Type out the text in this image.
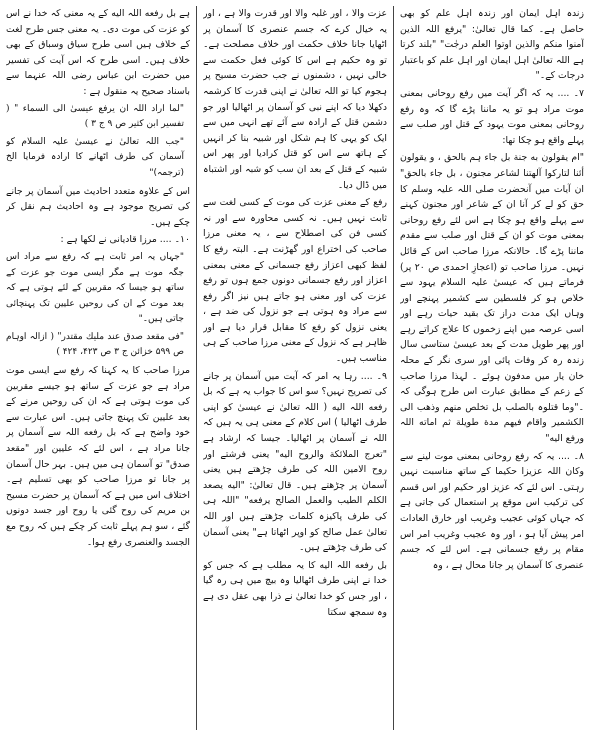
زندہ اہل ایمان اور زندہ اہل علم کو بھی حاصل ہے۔ کما قال تعالیٰ: "یرفع اللہ الذین آمنوا منکم والذین اوتوا العلم درجٰت" "بلند کرتا ہے اللہ تعالیٰ اہل ایمان اور اہل علم کو باعتبار درجات کے۔"

۷۔ .... یہ کہ اگر آیت میں رفع روحانی بمعنی موت مراد ہو تو یہ ماننا پڑے گا کہ وہ رفع روحانی بمعنی موت یہود کے قتل اور صلب سے پہلے واقع ہو چکا تھا:

"ام یقولون به جنة بل جاء ہم بالحق ، و یقولون أئنا لتارکوا آلهتنا لشاعر مجنون ، بل جاء بالحق" ان آیات میں آنحضرت صلی اللہ علیہ وسلم کا حق کو لے کر آنا ان کے شاعر اور مجنون کہنے سے پہلے واقع ہو چکا ہے اس لئے رفع روحانی بمعنی موت کو ان کے قتل اور صلب سے مقدم ماننا پڑے گا۔ حالانکہ مرزا صاحب اس کے قائل نہیں۔ مرزا صاحب تو (اعجازِ احمدی ص ۲۰ پر) فرماتے ہیں کہ عیسیٰ علیہ السلام یہود سے خلاص ہو کر فلسطین سے کشمیر پہنچے اور وہاں ایک مدت دراز تک بقید حیات رہے اور اسی عرصہ میں اپنے زخموں کا علاج کراتے رہے اور پھر طویل مدت کے بعد عیسیٰ ستاسی سال زندہ رہ کر وفات پائی اور سری نگر کے محلہ خان یار میں مدفون ہوئے ۔ لہذا مرزا صاحب کے زعم کے مطابق عبارت اس طرح ہوگی کہ ۔"وما قتلوہ بالصلب بل تخلص منهم وذهب الی الکشمیر واقام فیهم مدة طویلة ثم اماته اللہ ورفع الیه"

۸۔ .... یہ کہ رفع روحانی بمعنی موت لینے سے وکان اللہ عزیزا حکیما کے ساتھ مناسبت نہیں رہتی۔ اس لئے کہ عزیز اور حکیم اور اس قسم کی ترکیب اس موقع پر استعمال کی جاتی ہے کہ جہاں کوئی عجیب وغریب اور خارق العادات امر پیش آیا ہو ، اور وہ عجیب وغریب امر اس مقام پر رفع جسمانی ہے۔ اس لئے کہ جسم عنصری کا آسمان پر جانا محال ہے ، وہ

عزت والا ، اور غلبہ والا اور قدرت والا ہے ، اور یہ خیال کرے کہ جسم عنصری کا آسمان پر اٹھایا جانا خلاف حکمت اور خلاف مصلحت ہے۔ تو وہ حکیم ہے اس کا کوئی فعل حکمت سے خالی نہیں ، دشمنوں نے جب حضرت مسیح پر ہجوم کیا تو اللہ تعالیٰ نے اپنی قدرت کا کرشمہ دکھلا دیا کہ اپنے نبی کو آسمان پر اٹھالیا اور جو دشمن قتل کے ارادہ سے آئے تھے انہی میں سے ایک کو یہی کا ہم شکل اور شبیہ بنا کر انہیں کے ہاتھ سے اس کو قتل کرادیا اور پھر اس شبیہ کے قتل کے بعد ان سب کو شبہ اور اشتباہ میں ڈال دیا۔

رفع کے معنی عزت کی موت کے کسی لغت سے ثابت نہیں ہیں۔ نہ کسی محاورہ سے اور نہ کسی فن کی اصطلاح سے ، یہ معنی مرزا صاحب کی اختراع اور گھڑنت ہے۔ البتہ رفع کا لفظ کبھی اعزاز رفع جسمانی کے معنی بمعنی اعزاز اور رفع جسمانی دونوں جمع ہوں تو رفع عزت کی اور معنی ہو جاتے ہیں نیز اگر رفع سے مراد وہ ہوتی ہے جو نزول کی ضد ہے ، یعنی نزول کو رفع کا مقابل قرار دیا ہے اور ظاہر ہے کہ نزول کے معنی مرزا صاحب کے ہی مناسب ہیں۔

۹۔ .... رہا یہ امر کہ آیت میں آسمان پر جانے کی تصریح نہیں؟ سو اس کا جواب یہ ہے کہ بل رفعه اللہ الیه ( اللہ تعالیٰ نے عیسیٰ کو اپنی طرف اٹھالیا ) اس کلام کے معنی ہی یہ ہیں کہ اللہ نے آسمان پر اٹھالیا۔ جیسا کہ ارشاد ہے "تعرج الملائکة والروح الیه" یعنی فرشتے اور روح الامین اللہ کی طرف چڑھتے ہیں یعنی آسمان پر چڑھتے ہیں۔ قال تعالیٰ: "الیه یصعد الکلم الطیب والعمل الصالح یرفعه" "اللہ ہی کی طرف پاکیزہ کلمات چڑھتے ہیں اور اللہ تعالیٰ عمل صالح کو اوپر اٹھاتا ہے" یعنی آسمان کی طرف چڑھتے ہیں۔

بل رفعه اللہ الیه کا یہ مطلب ہے کہ جس کو خدا نے اپنی طرف اٹھالیا وہ بیچ میں ہی رہ گیا ، اور جس کو خدا تعالیٰ نے ذرا بھی عقل دی ہے وہ سمجھ سکتا

ہے بل رفعه اللہ الیه کے یہ معنی کہ خدا نے اس کو عزت کی موت دی۔ یہ معنی جس طرح لغت کے خلاف ہیں اسی طرح سیاق وسباق کے بھی خلاف ہیں۔ اسی طرح کہ اس آیت کی تفسیر میں حضرت ابن عباس رضی اللہ عنہما سے باسناد صحیح یہ منقول ہے :

"لما اراد اللہ ان یرفع عیسیٰ الی السماء " ( تفسیر ابن کثیر ص ۹ ج ۳ )

"جب اللہ تعالیٰ نے عیسیٰ علیہ السلام کو آسمان کی طرف اٹھانے کا ارادہ فرمایا الخ (ترجمہ)"

اس کے علاوہ متعدد احادیث میں آسمان پر جانے کی تصریح موجود ہے وہ احادیث ہم نقل کر چکے ہیں۔

۱۰۔ .... مرزا قادیانی نے لکھا ہے :

"جہاں یہ امر ثابت ہے کہ رفع سے مراد اس جگہ موت ہے مگر ایسی موت جو عزت کے ساتھ ہو جیسا کہ مقربین کے لئے ہوتی ہے کہ بعد موت کے ان کی روحیں علیین تک پہنچائی جاتی ہیں۔"

"فی مقعد صدق عند ملیك مقتدر" ( ازالہ اوہام ص ۵۹۹ خزائن ج ۳ ص ۴۲۳، ۴۲۴ )

مرزا صاحب کا یہ کہنا کہ رفع سے ایسی موت مراد ہے جو عزت کے ساتھ ہو جیسے مقربین کی موت ہوتی ہے کہ ان کی روحیں مرنے کے بعد علیین تک پہنچ جاتی ہیں۔ اس عبارت سے خود واضح ہے کہ بل رفعه اللہ سے آسمان پر جانا مراد ہے ، اس لئے کہ علیین اور "مقعد صدق" تو آسمان ہی میں ہیں۔ بہر حال آسمان پر جانا تو مرزا صاحب کو بھی تسلیم ہے۔ اختلاف اس میں ہے کہ آسمان پر حضرت مسیح بن مریم کی روح گئی یا روح اور جسد دونوں گئے ، سو ہم پہلے ثابت کر چکے ہیں کہ روح مع الجسد والعنصری رفع ہوا۔
